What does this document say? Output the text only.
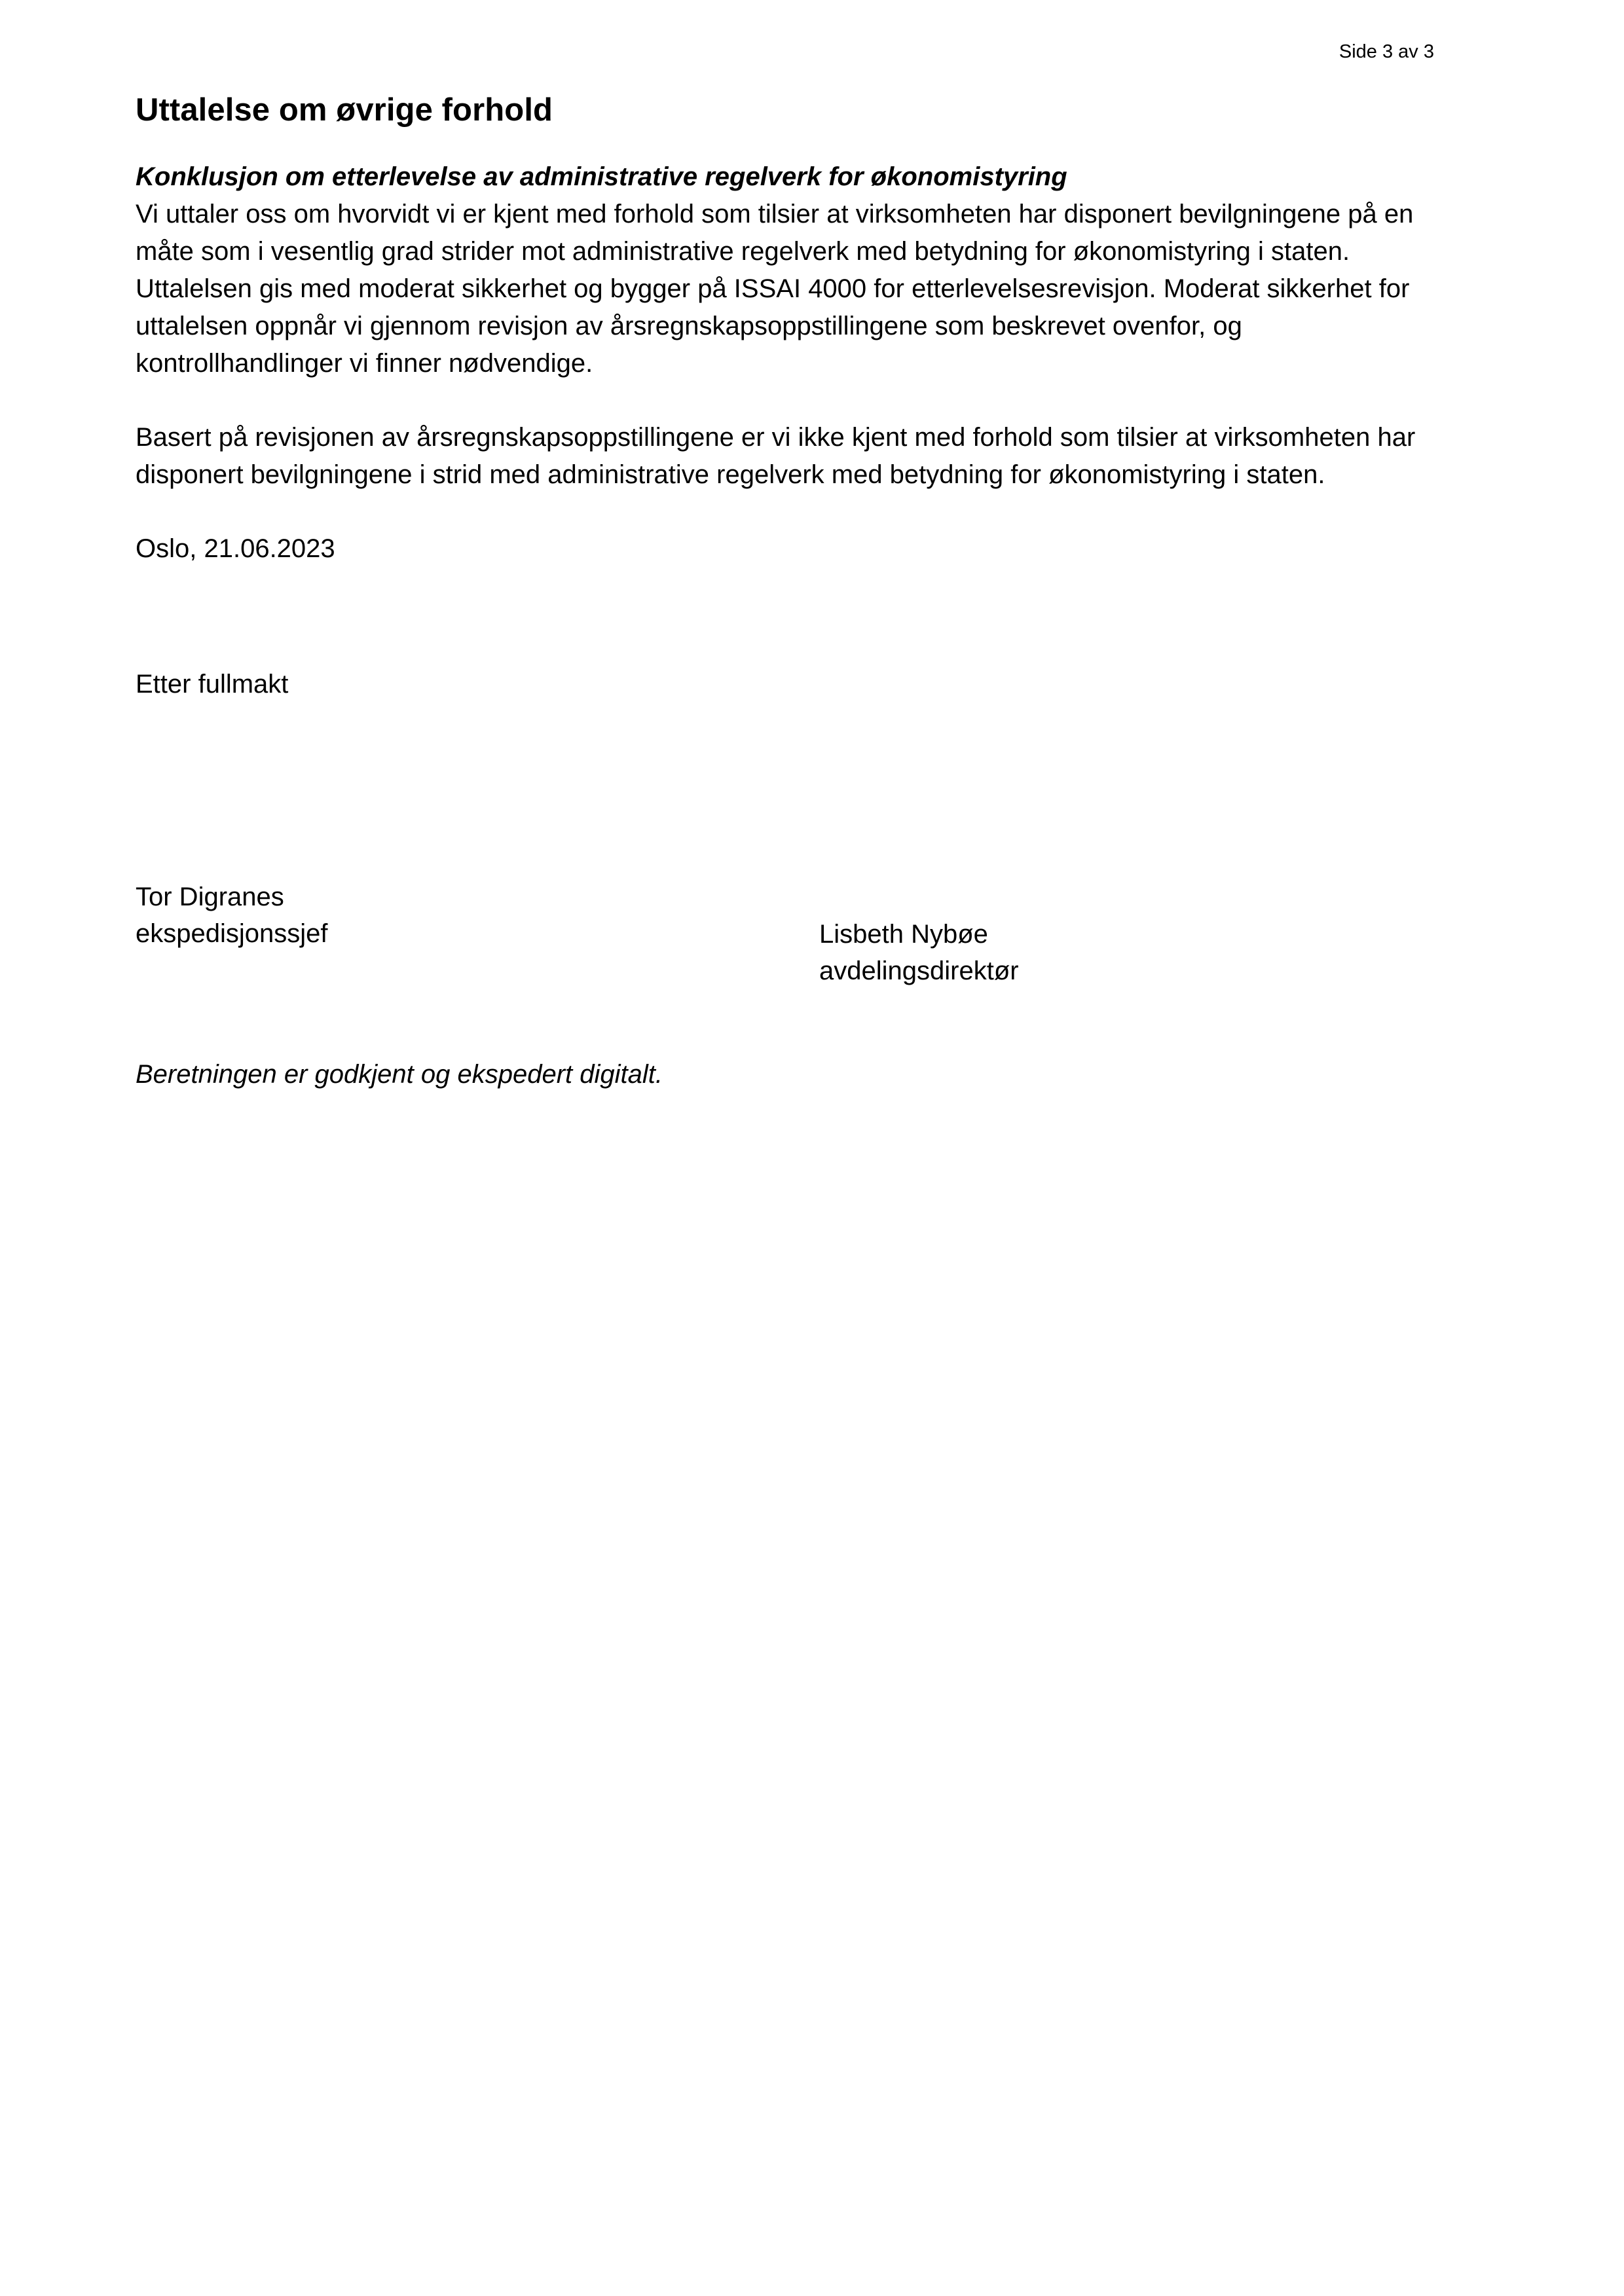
Side 3 av 3
Uttalelse om øvrige forhold
Konklusjon om etterlevelse av administrative regelverk for økonomistyring

Vi uttaler oss om hvorvidt vi er kjent med forhold som tilsier at virksomheten har disponert bevilgningene på en måte som i vesentlig grad strider mot administrative regelverk med betydning for økonomistyring i staten. Uttalelsen gis med moderat sikkerhet og bygger på ISSAI 4000 for etterlevelsesrevisjon. Moderat sikkerhet for uttalelsen oppnår vi gjennom revisjon av årsregnskapsoppstillingene som beskrevet ovenfor, og kontrollhandlinger vi finner nødvendige.

Basert på revisjonen av årsregnskapsoppstillingene er vi ikke kjent med forhold som tilsier at virksomheten har disponert bevilgningene i strid med administrative regelverk med betydning for økonomistyring i staten.

Oslo, 21.06.2023

Etter fullmakt

Tor Digranes
ekspedisjonssjef	Lisbeth Nybøe
avdelingsdirektør

Beretningen er godkjent og ekspedert digitalt.
